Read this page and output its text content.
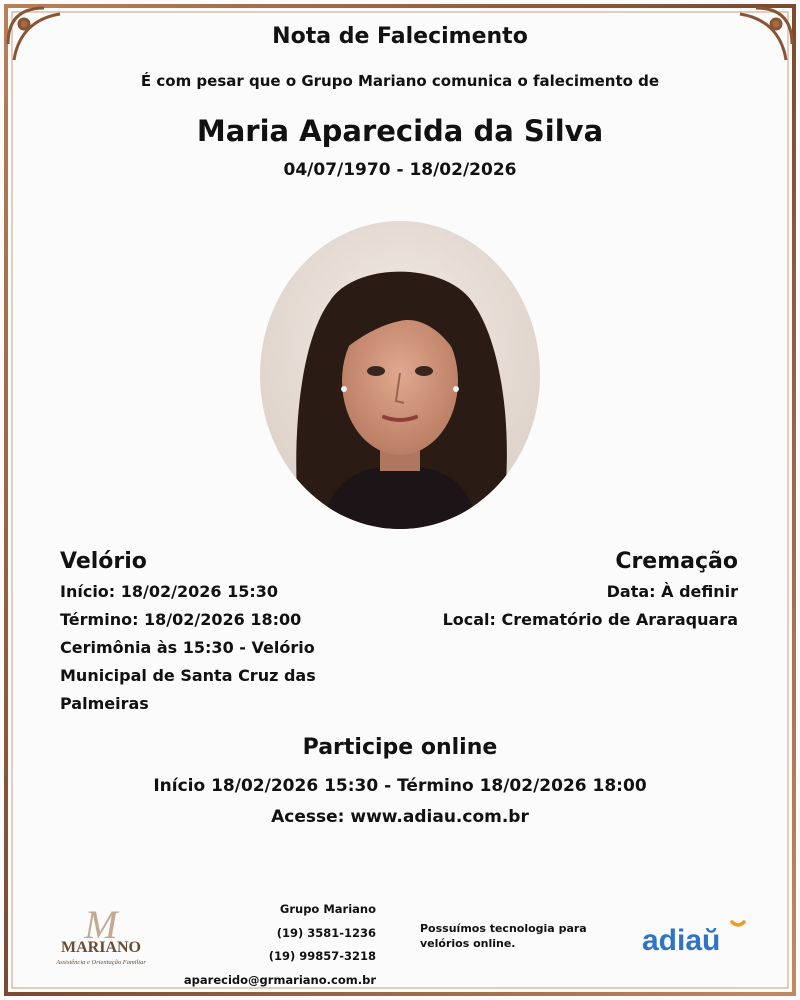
Nota de Falecimento
É com pesar que o Grupo Mariano comunica o falecimento de
Maria Aparecida da Silva
04/07/1970 - 18/02/2026
Velório
Início: 18/02/2026 15:30
Término: 18/02/2026 18:00
Cerimônia às 15:30 - Velório
Municipal de Santa Cruz das
Palmeiras
Cremação
Data: À definir
Local: Crematório de Araraquara
Participe online
Início 18/02/2026 15:30 - Término 18/02/2026 18:00
Acesse: www.adiau.com.br
M
MARIANO
Assistência e Orientação Familiar
Grupo Mariano
(19) 3581-1236
(19) 99857-3218
aparecido@grmariano.com.br
Possuímos tecnologia para
velórios online.	adiaŭ
